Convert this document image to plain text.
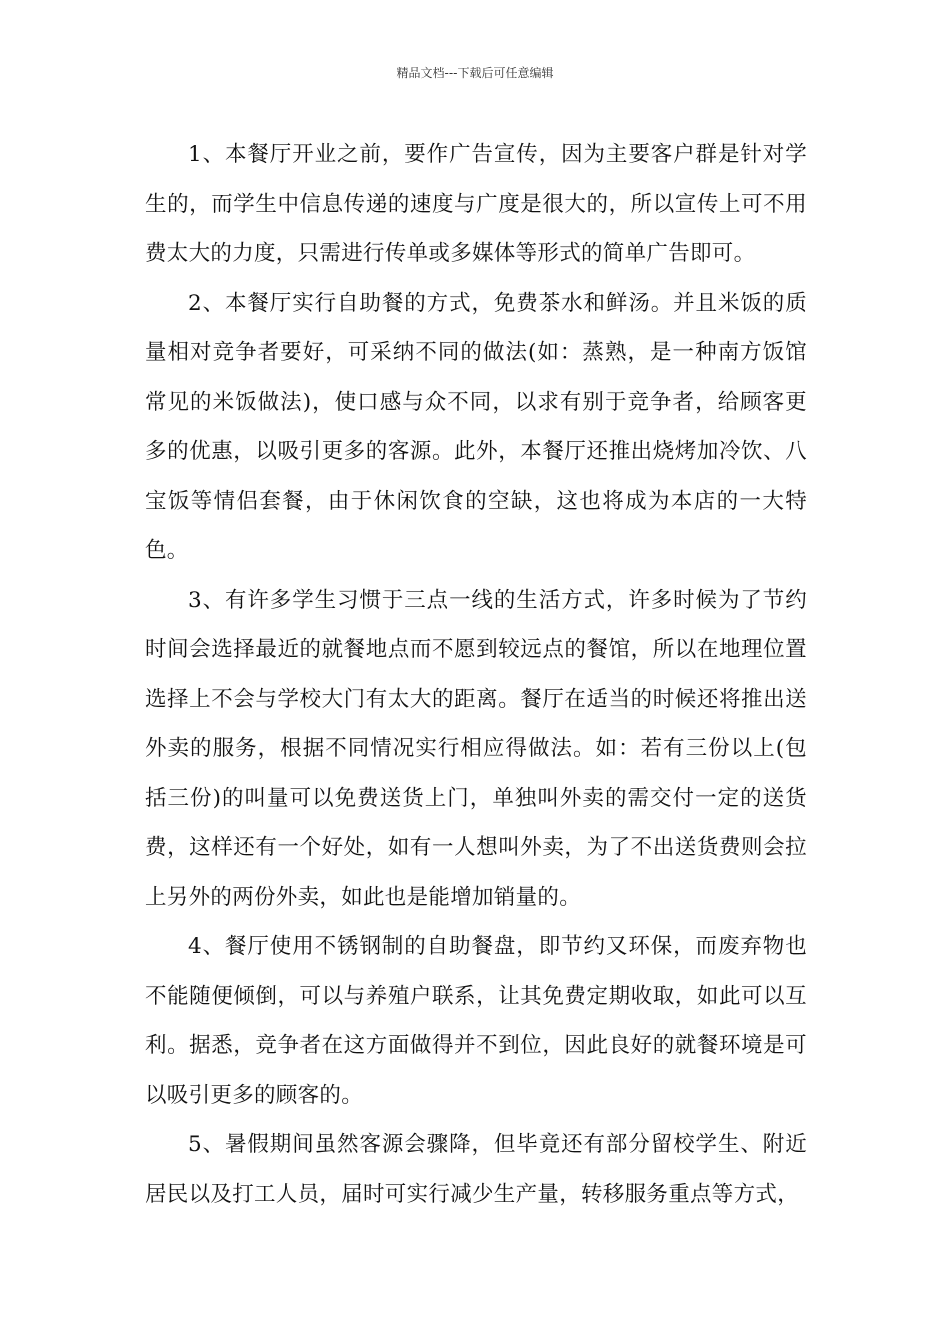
精品文档---下载后可任意编辑

1、本餐厅开业之前，要作广告宣传，因为主要客户群是针对学生的，而学生中信息传递的速度与广度是很大的，所以宣传上可不用费太大的力度，只需进行传单或多媒体等形式的简单广告即可。

2、本餐厅实行自助餐的方式，免费茶水和鲜汤。并且米饭的质量相对竞争者要好，可采纳不同的做法(如：蒸熟，是一种南方饭馆常见的米饭做法)，使口感与众不同，以求有别于竞争者，给顾客更多的优惠，以吸引更多的客源。此外，本餐厅还推出烧烤加冷饮、八宝饭等情侣套餐，由于休闲饮食的空缺，这也将成为本店的一大特色。

3、有许多学生习惯于三点一线的生活方式，许多时候为了节约时间会选择最近的就餐地点而不愿到较远点的餐馆，所以在地理位置选择上不会与学校大门有太大的距离。餐厅在适当的时候还将推出送外卖的服务，根据不同情况实行相应得做法。如：若有三份以上(包括三份)的叫量可以免费送货上门，单独叫外卖的需交付一定的送货费，这样还有一个好处，如有一人想叫外卖，为了不出送货费则会拉上另外的两份外卖，如此也是能增加销量的。

4、餐厅使用不锈钢制的自助餐盘，即节约又环保，而废弃物也不能随便倾倒，可以与养殖户联系，让其免费定期收取，如此可以互利。据悉，竞争者在这方面做得并不到位，因此良好的就餐环境是可以吸引更多的顾客的。

5、暑假期间虽然客源会骤降，但毕竟还有部分留校学生、附近居民以及打工人员，届时可实行减少生产量，转移服务重点等方式，
